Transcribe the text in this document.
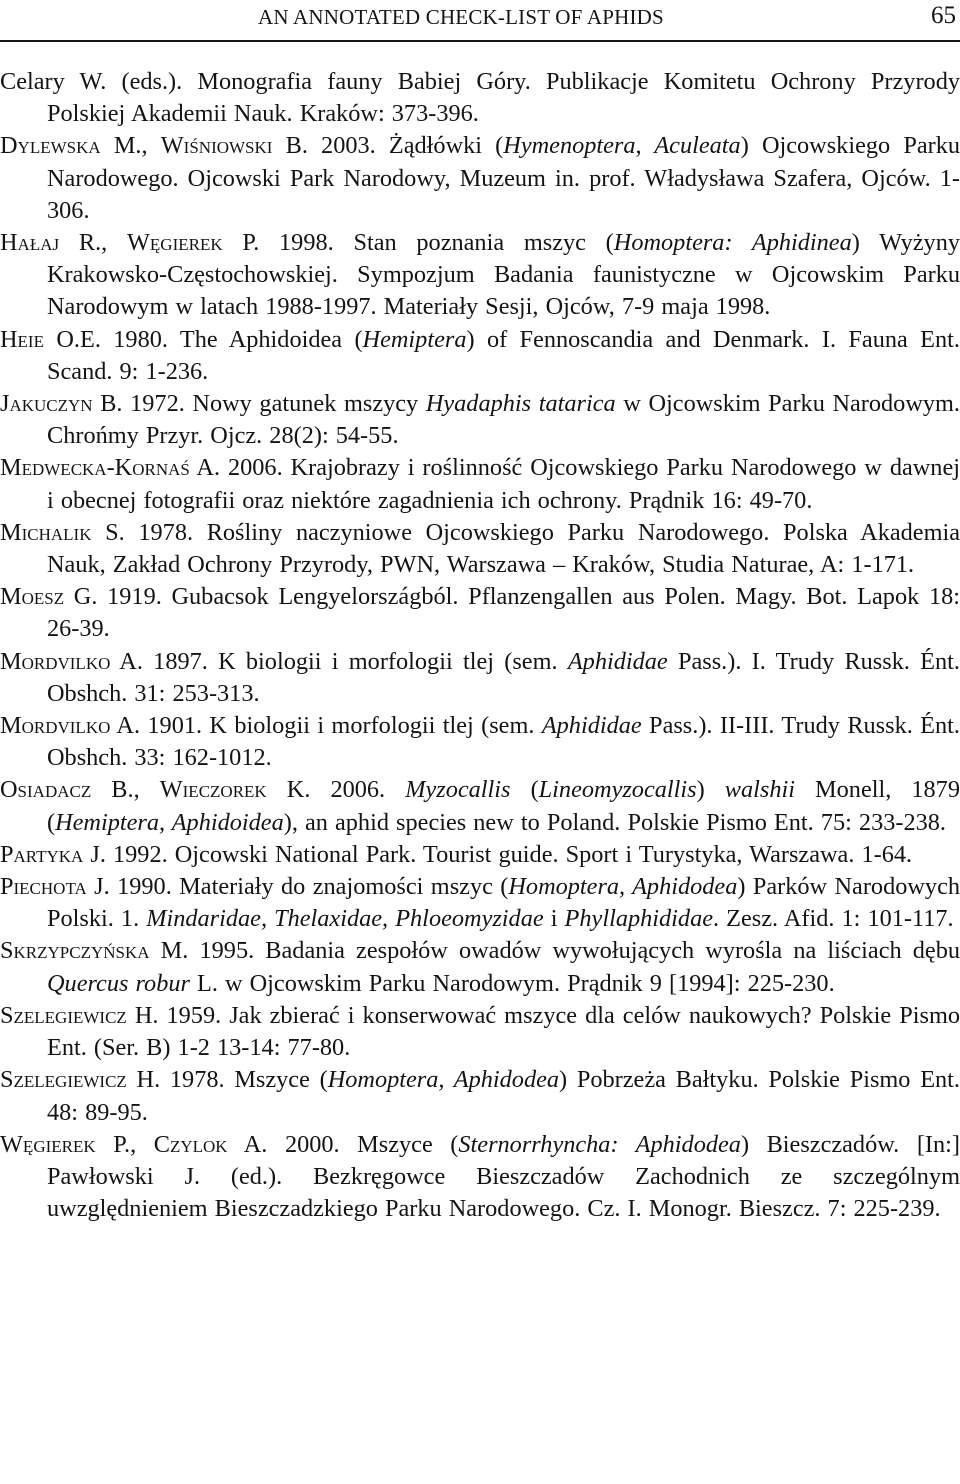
AN ANNOTATED CHECK-LIST OF APHIDS	65

Celary W. (eds.). Monografia fauny Babiej Góry. Publikacje Komitetu Ochrony Przyrody Polskiej Akademii Nauk. Kraków: 373-396.

Dylewska M., Wiśniowski B. 2003. Żądłówki (Hymenoptera, Aculeata) Ojcowskiego Parku Narodowego. Ojcowski Park Narodowy, Muzeum in. prof. Władysława Szafera, Ojców. 1-306.

Hałaj R., Węgierek P. 1998. Stan poznania mszyc (Homoptera: Aphidinea) Wyżyny Krakowsko-Częstochowskiej. Sympozjum Badania faunistyczne w Ojcowskim Parku Narodowym w latach 1988-1997. Materiały Sesji, Ojców, 7-9 maja 1998.

Heie O.E. 1980. The Aphidoidea (Hemiptera) of Fennoscandia and Denmark. I. Fauna Ent. Scand. 9: 1-236.

Jakuczyn B. 1972. Nowy gatunek mszycy Hyadaphis tatarica w Ojcowskim Parku Narodowym. Chrońmy Przyr. Ojcz. 28(2): 54-55.

Medwecka-Kornaś A. 2006. Krajobrazy i roślinność Ojcowskiego Parku Narodowego w dawnej i obecnej fotografii oraz niektóre zagadnienia ich ochrony. Prądnik 16: 49-70.

Michalik S. 1978. Rośliny naczyniowe Ojcowskiego Parku Narodowego. Polska Akademia Nauk, Zakład Ochrony Przyrody, PWN, Warszawa – Kraków, Studia Naturae, A: 1-171.

Moesz G. 1919. Gubacsok Lengyelországból. Pflanzengallen aus Polen. Magy. Bot. Lapok 18: 26-39.

Mordvilko A. 1897. K biologii i morfologii tlej (sem. Aphididae Pass.). I. Trudy Russk. Ént. Obshch. 31: 253-313.

Mordvilko A. 1901. K biologii i morfologii tlej (sem. Aphididae Pass.). II-III. Trudy Russk. Ént. Obshch. 33: 162-1012.

Osiadacz B., Wieczorek K. 2006. Myzocallis (Lineomyzocallis) walshii Monell, 1879 (Hemiptera, Aphidoidea), an aphid species new to Poland. Polskie Pismo Ent. 75: 233-238.

Partyka J. 1992. Ojcowski National Park. Tourist guide. Sport i Turystyka, Warszawa. 1-64.

Piechota J. 1990. Materiały do znajomości mszyc (Homoptera, Aphidodea) Parków Narodowych Polski. 1. Mindaridae, Thelaxidae, Phloeomyzidae i Phyllaphididae. Zesz. Afid. 1: 101-117.

Skrzypczyńska M. 1995. Badania zespołów owadów wywołujących wyrośla na liściach dębu Quercus robur L. w Ojcowskim Parku Narodowym. Prądnik 9 [1994]: 225-230.

Szelegiewicz H. 1959. Jak zbierać i konserwować mszyce dla celów naukowych? Polskie Pismo Ent. (Ser. B) 1-2 13-14: 77-80.

Szelegiewicz H. 1978. Mszyce (Homoptera, Aphidodea) Pobrzeża Bałtyku. Polskie Pismo Ent. 48: 89-95.

Węgierek P., Czylok A. 2000. Mszyce (Sternorrhyncha: Aphidodea) Bieszczadów. [In:] Pawłowski J. (ed.). Bezkręgowce Bieszczadów Zachodnich ze szczególnym uwzględnieniem Bieszczadzkiego Parku Narodowego. Cz. I. Monogr. Bieszcz. 7: 225-239.
